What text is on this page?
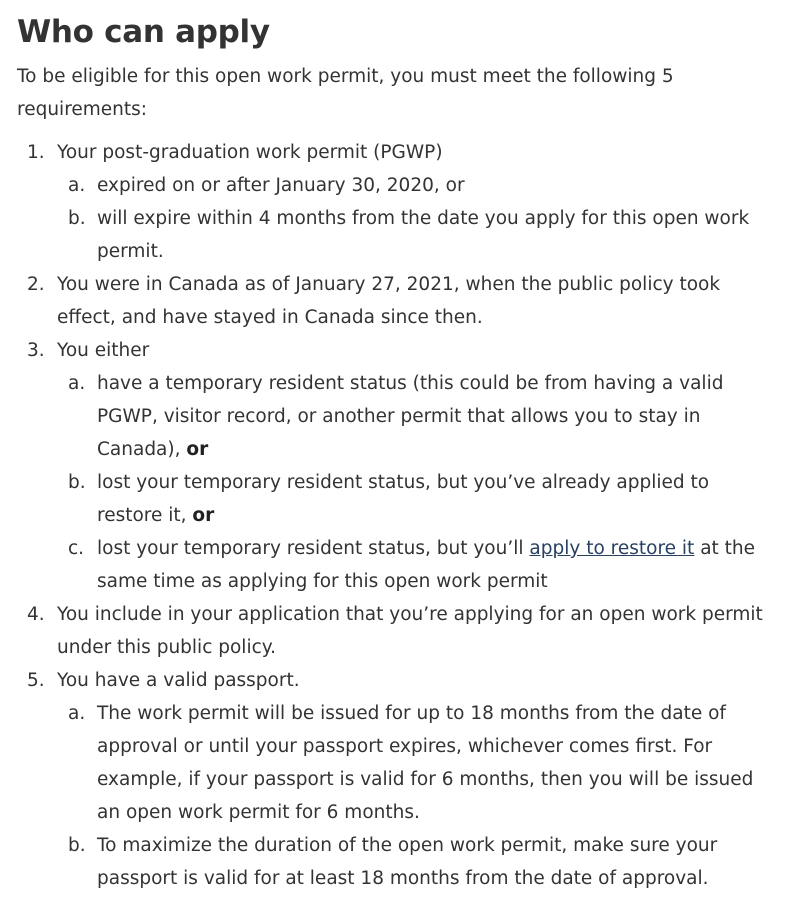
Who can apply

To be eligible for this open work permit, you must meet the following 5 requirements:

1. Your post-graduation work permit (PGWP)
a. expired on or after January 30, 2020, or
b. will expire within 4 months from the date you apply for this open work permit.
2. You were in Canada as of January 27, 2021, when the public policy took effect, and have stayed in Canada since then.
3. You either
a. have a temporary resident status (this could be from having a valid PGWP, visitor record, or another permit that allows you to stay in Canada), or
b. lost your temporary resident status, but you’ve already applied to restore it, or
c. lost your temporary resident status, but you’ll apply to restore it at the same time as applying for this open work permit
4. You include in your application that you’re applying for an open work permit under this public policy.
5. You have a valid passport.
a. The work permit will be issued for up to 18 months from the date of approval or until your passport expires, whichever comes first. For example, if your passport is valid for 6 months, then you will be issued an open work permit for 6 months.
b. To maximize the duration of the open work permit, make sure your passport is valid for at least 18 months from the date of approval.
